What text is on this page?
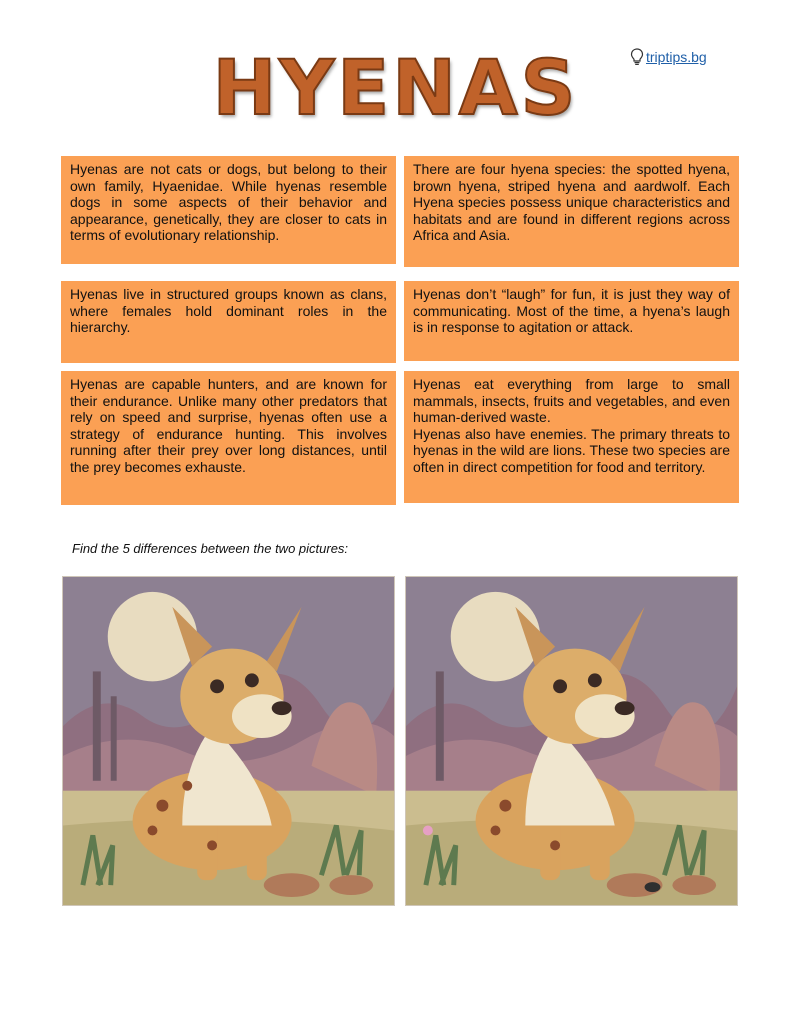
HYENAS	triptips.bg

Hyenas are not cats or dogs, but belong to their own family, Hyaenidae. While hyenas resemble dogs in some aspects of their behavior and appearance, genetically, they are closer to cats in terms of evolutionary relationship.

There are four hyena species: the spotted hyena, brown hyena, striped hyena and aardwolf. Each Hyena species possess unique characteristics and habitats and are found in different regions across Africa and Asia.

Hyenas live in structured groups known as clans, where females hold dominant roles in the hierarchy.

Hyenas don’t “laugh” for fun, it is just they way of communicating. Most of the time, a hyena’s laugh is in response to agitation or attack.

Hyenas are capable hunters, and are known for their endurance. Unlike many other predators that rely on speed and surprise, hyenas often use a strategy of endurance hunting. This involves running after their prey over long distances, until the prey becomes exhauste.

Hyenas eat everything from large to small mammals, insects, fruits and vegetables, and even human-derived waste.

Hyenas also have enemies. The primary threats to hyenas in the wild are lions. These two species are often in direct competition for food and territory.

Find the 5 differences between the two pictures:
